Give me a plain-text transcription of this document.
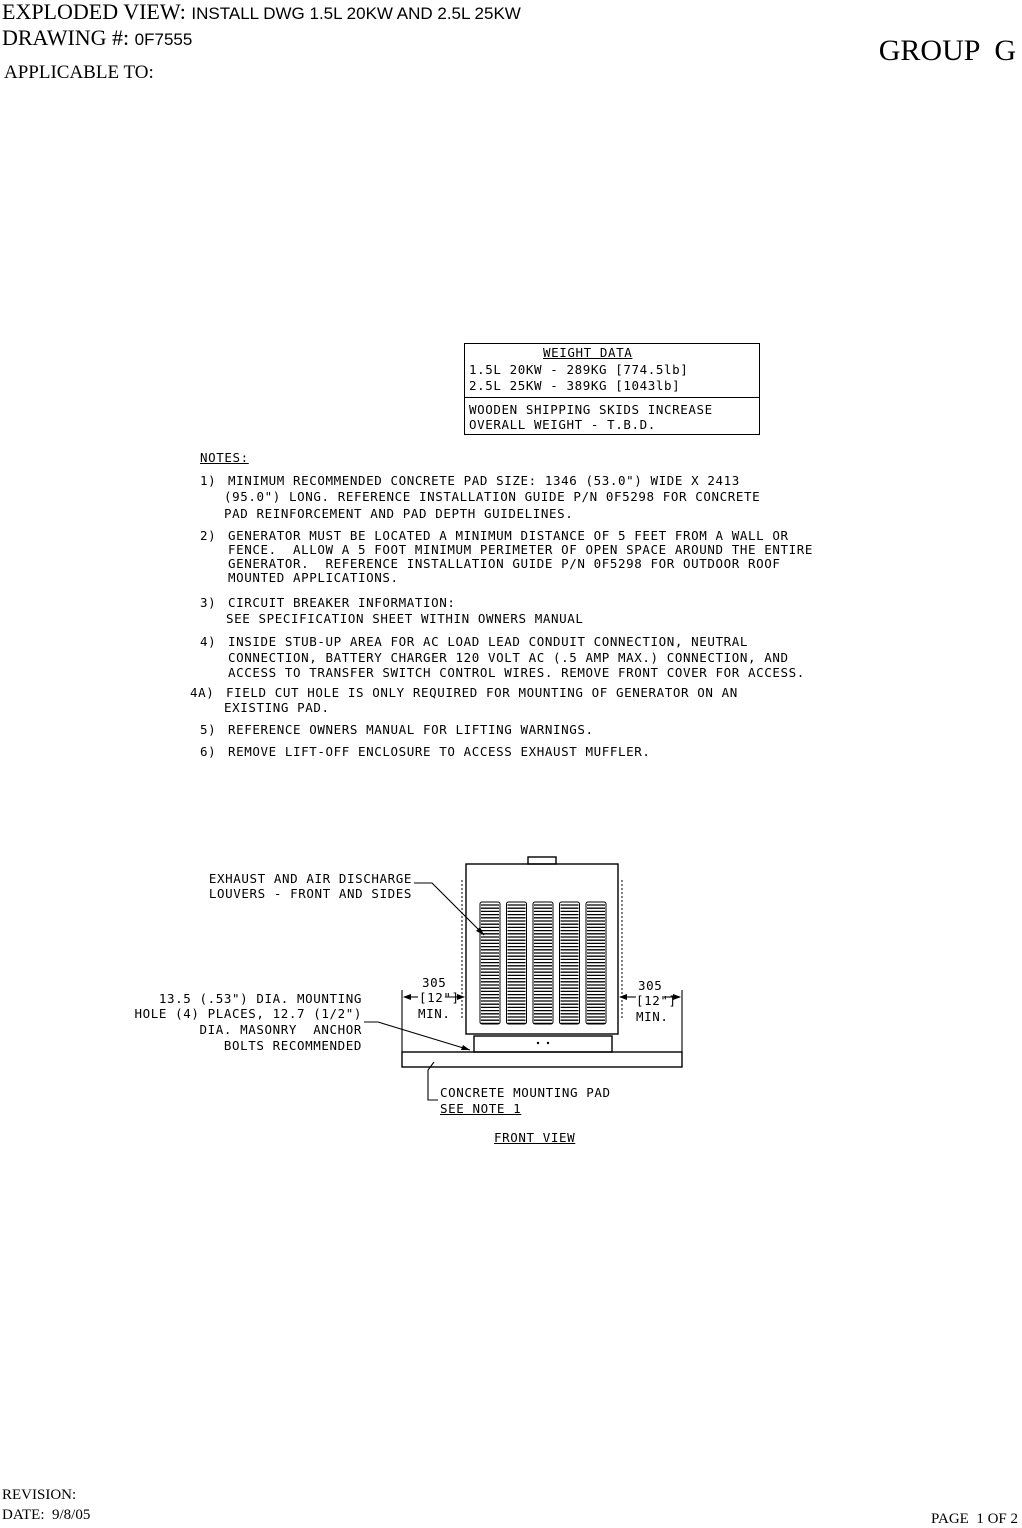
EXPLODED VIEW: INSTALL DWG 1.5L 20KW AND 2.5L 25KW
DRAWING #: 0F7555
APPLICABLE TO:
GROUP  G
WEIGHT DATA
1.5L 20KW - 289KG [774.5lb]
2.5L 25KW - 389KG [1043lb]
WOODEN SHIPPING SKIDS INCREASE
OVERALL WEIGHT - T.B.D.
NOTES:
1) MINIMUM RECOMMENDED CONCRETE PAD SIZE: 1346 (53.0") WIDE X 2413
(95.0") LONG. REFERENCE INSTALLATION GUIDE P/N 0F5298 FOR CONCRETE
PAD REINFORCEMENT AND PAD DEPTH GUIDELINES.
2) GENERATOR MUST BE LOCATED A MINIMUM DISTANCE OF 5 FEET FROM A WALL OR
FENCE.  ALLOW A 5 FOOT MINIMUM PERIMETER OF OPEN SPACE AROUND THE ENTIRE
GENERATOR.  REFERENCE INSTALLATION GUIDE P/N 0F5298 FOR OUTDOOR ROOF
MOUNTED APPLICATIONS.
3) CIRCUIT BREAKER INFORMATION:
SEE SPECIFICATION SHEET WITHIN OWNERS MANUAL
4) INSIDE STUB-UP AREA FOR AC LOAD LEAD CONDUIT CONNECTION, NEUTRAL
CONNECTION, BATTERY CHARGER 120 VOLT AC (.5 AMP MAX.) CONNECTION, AND
ACCESS TO TRANSFER SWITCH CONTROL WIRES. REMOVE FRONT COVER FOR ACCESS.
4A) FIELD CUT HOLE IS ONLY REQUIRED FOR MOUNTING OF GENERATOR ON AN
EXISTING PAD.
5) REFERENCE OWNERS MANUAL FOR LIFTING WARNINGS.
6) REMOVE LIFT-OFF ENCLOSURE TO ACCESS EXHAUST MUFFLER.
EXHAUST AND AIR DISCHARGE
LOUVERS - FRONT AND SIDES
13.5 (.53") DIA. MOUNTING
HOLE (4) PLACES, 12.7 (1/2")
DIA. MASONRY  ANCHOR
BOLTS RECOMMENDED
305
[12"]
MIN.
305
[12"]
MIN.
CONCRETE MOUNTING PAD
SEE NOTE 1
FRONT VIEW
REVISION:
DATE: 9/8/05	PAGE  1 OF 2
